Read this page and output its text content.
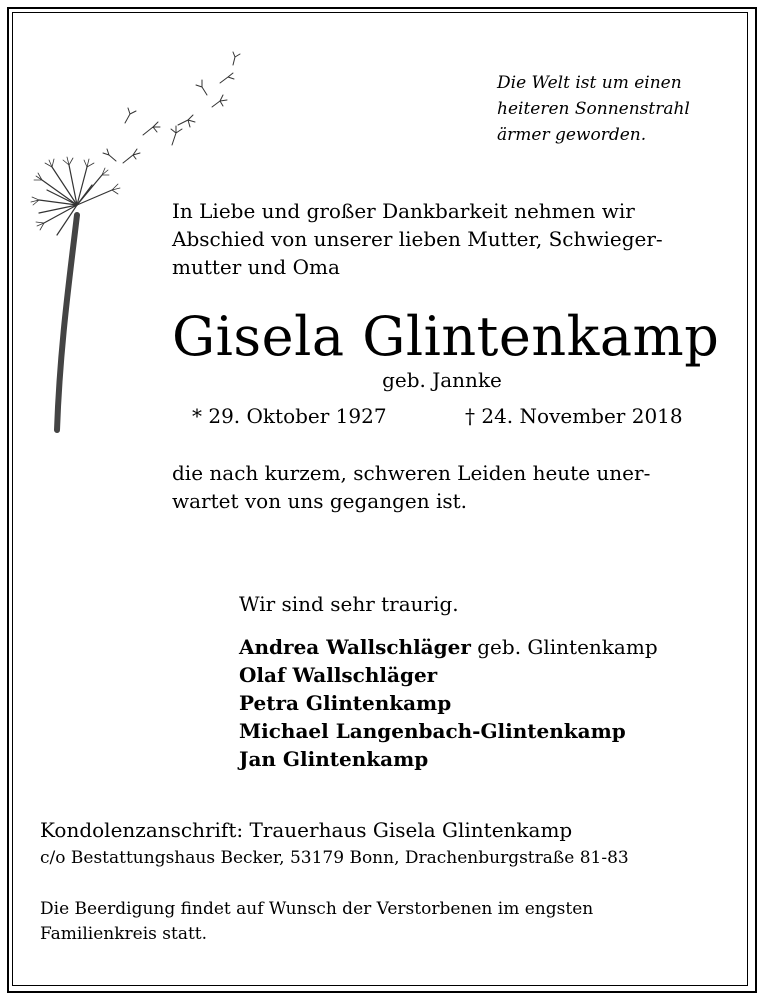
Die Welt ist um einen
heiteren Sonnenstrahl
ärmer geworden.
In Liebe und großer Dankbarkeit nehmen wir
Abschied von unserer lieben Mutter, Schwieger-
mutter und Oma
Gisela Glintenkamp
geb. Jannke
* 29. Oktober 1927	† 24. November 2018
die nach kurzem, schweren Leiden heute uner-
wartet von uns gegangen ist.
Wir sind sehr traurig.
Andrea Wallschläger geb. Glintenkamp
Olaf Wallschläger
Petra Glintenkamp
Michael Langenbach-Glintenkamp
Jan Glintenkamp
Kondolenzanschrift: Trauerhaus Gisela Glintenkamp
c/o Bestattungshaus Becker, 53179 Bonn, Drachenburgstraße 81-83
Die Beerdigung findet auf Wunsch der Verstorbenen im engsten
Familienkreis statt.
